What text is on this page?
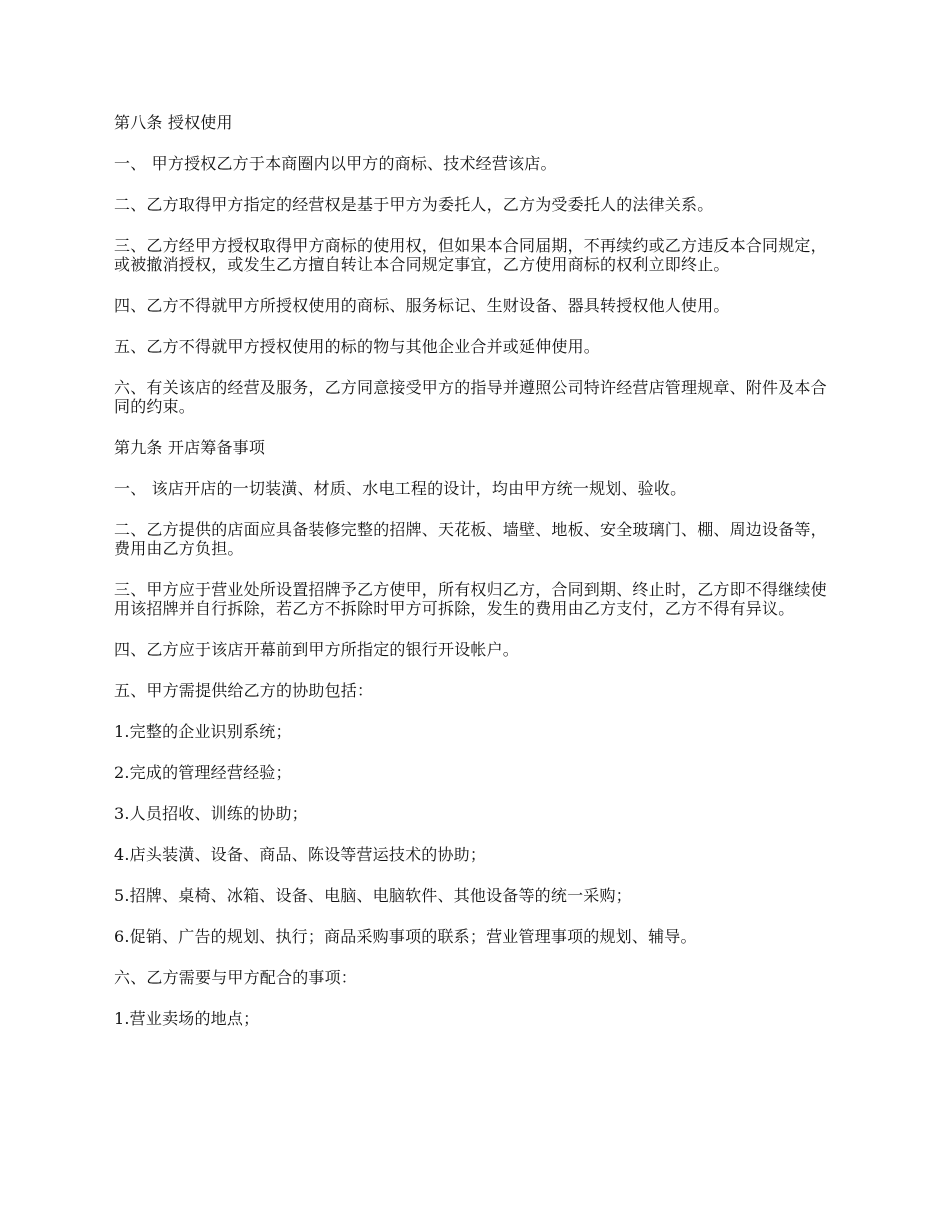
第八条 授权使用

一、 甲方授权乙方于本商圈内以甲方的商标、技术经营该店。

二、乙方取得甲方指定的经营权是基于甲方为委托人，乙方为受委托人的法律关系。

三、乙方经甲方授权取得甲方商标的使用权，但如果本合同届期，不再续约或乙方违反本合同规定，或被撤消授权，或发生乙方擅自转让本合同规定事宜，乙方使用商标的权利立即终止。

四、乙方不得就甲方所授权使用的商标、服务标记、生财设备、器具转授权他人使用。

五、乙方不得就甲方授权使用的标的物与其他企业合并或延伸使用。

六、有关该店的经营及服务，乙方同意接受甲方的指导并遵照公司特许经营店管理规章、附件及本合同的约束。

第九条 开店筹备事项

一、 该店开店的一切装潢、材质、水电工程的设计，均由甲方统一规划、验收。

二、乙方提供的店面应具备装修完整的招牌、天花板、墙壁、地板、安全玻璃门、棚、周边设备等，费用由乙方负担。

三、甲方应于营业处所设置招牌予乙方使甲，所有权归乙方，合同到期、终止时，乙方即不得继续使用该招牌并自行拆除，若乙方不拆除时甲方可拆除，发生的费用由乙方支付，乙方不得有异议。

四、乙方应于该店开幕前到甲方所指定的银行开设帐户。

五、甲方需提供给乙方的协助包括：

1.完整的企业识别系统；

2.完成的管理经营经验；

3.人员招收、训练的协助；

4.店头装潢、设备、商品、陈设等营运技术的协助；

5.招牌、桌椅、冰箱、设备、电脑、电脑软件、其他设备等的统一采购；

6.促销、广告的规划、执行；商品采购事项的联系；营业管理事项的规划、辅导。

六、乙方需要与甲方配合的事项：

1.营业卖场的地点；
